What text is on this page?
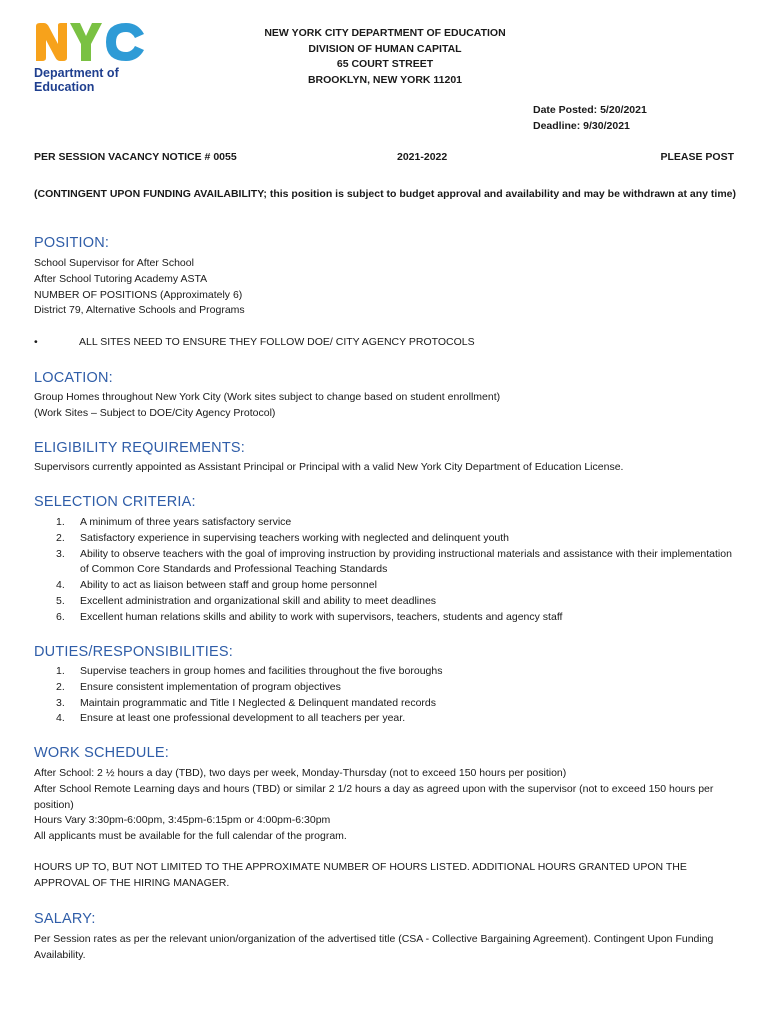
Department of
Education
NEW YORK CITY DEPARTMENT OF EDUCATION
DIVISION OF HUMAN CAPITAL
65 COURT STREET
BROOKLYN, NEW YORK 11201
Date Posted: 5/20/2021
Deadline: 9/30/2021
PER SESSION VACANCY NOTICE # 0055	2021-2022	PLEASE POST
(CONTINGENT UPON FUNDING AVAILABILITY; this position is subject to budget approval and availability and may be withdrawn at any time)
POSITION:

School Supervisor for After School

After School Tutoring Academy ASTA

NUMBER OF POSITIONS (Approximately 6)

District 79, Alternative Schools and Programs

• ALL SITES NEED TO ENSURE THEY FOLLOW DOE/ CITY AGENCY PROTOCOLS
LOCATION:

Group Homes throughout New York City (Work sites subject to change based on student enrollment)

(Work Sites – Subject to DOE/City Agency Protocol)

ELIGIBILITY REQUIREMENTS:
Supervisors currently appointed as Assistant Principal or Principal with a valid New York City Department of Education License.
SELECTION CRITERIA:
1. A minimum of three years satisfactory service
2. Satisfactory experience in supervising teachers working with neglected and delinquent youth
3. Ability to observe teachers with the goal of improving instruction by providing instructional materials and assistance with their implementation of Common Core Standards and Professional Teaching Standards
4. Ability to act as liaison between staff and group home personnel
5. Excellent administration and organizational skill and ability to meet deadlines
6. Excellent human relations skills and ability to work with supervisors, teachers, students and agency staff
DUTIES/RESPONSIBILITIES:
1. Supervise teachers in group homes and facilities throughout the five boroughs
2. Ensure consistent implementation of program objectives
3. Maintain programmatic and Title I Neglected & Delinquent mandated records
4. Ensure at least one professional development to all teachers per year.
WORK SCHEDULE:

After School: 2 ½ hours a day (TBD), two days per week, Monday-Thursday (not to exceed 150 hours per position)

After School Remote Learning days and hours (TBD) or similar 2 1/2 hours a day as agreed upon with the supervisor (not to exceed 150 hours per position)

Hours Vary 3:30pm-6:00pm, 3:45pm-6:15pm or 4:00pm-6:30pm

All applicants must be available for the full calendar of the program.

HOURS UP TO, BUT NOT LIMITED TO THE APPROXIMATE NUMBER OF HOURS LISTED. ADDITIONAL HOURS GRANTED UPON THE APPROVAL OF THE HIRING MANAGER.
SALARY:
Per Session rates as per the relevant union/organization of the advertised title (CSA - Collective Bargaining Agreement). Contingent Upon Funding Availability.
